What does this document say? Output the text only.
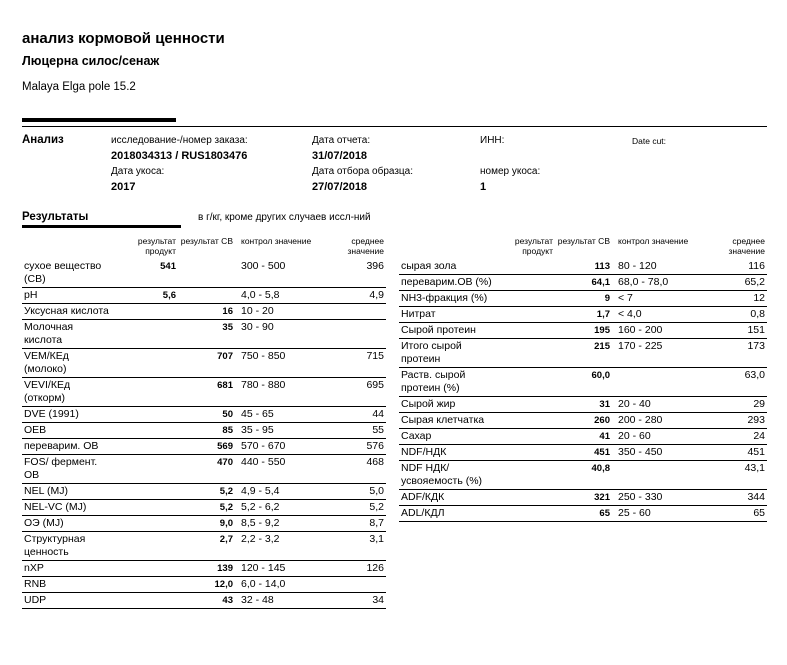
анализ кормовой ценности
Люцерна силос/сенаж
Malaya Elga pole 15.2
Анализ	исследование-/номер заказа:
2018034313 / RUS1803476
Дата укоса:
2017
Дата отчета:
31/07/2018
Дата отбора образца:
27/07/2018
ИНН:
номер укоса:
1
Date cut:
Результаты	в г/кг, кроме других случаев иссл-ний
	результат продукт	результат СВ	контрол значение	среднее значение
сухое вещество (СВ)	541		300 - 500	396
pH	5,6		4,0 - 5,8	4,9
Уксусная кислота		16	10 - 20	
Молочная кислота		35	30 - 90	
VEM/КЕд (молоко)		707	750 - 850	715
VEVI/КЕд (откорм)		681	780 - 880	695
DVE (1991)		50	45 - 65	44
OEB		85	35 - 95	55
переварим. ОВ		569	570 - 670	576
FOS/ фермент. ОВ		470	440 - 550	468
NEL (MJ)		5,2	4,9 - 5,4	5,0
NEL-VC (MJ)		5,2	5,2 - 6,2	5,2
ОЭ (MJ)		9,0	8,5 - 9,2	8,7
Структурная ценность		2,7	2,2 - 3,2	3,1
nXP		139	120 - 145	126
RNB		12,0	6,0 - 14,0	
UDP		43	32 - 48	34
	результат продукт	результат СВ	контрол значение	среднее значение
сырая зола		113	80 - 120	116
переварим.ОВ (%)		64,1	68,0 - 78,0	65,2
NH3-фракция (%)		9	< 7	12
Нитрат		1,7	< 4,0	0,8
Сырой протеин		195	160 - 200	151
Итого сырой протеин		215	170 - 225	173
Раств. сырой протеин (%)		60,0		63,0
Сырой жир		31	20 - 40	29
Сырая клетчатка		260	200 - 280	293
Сахар		41	20 - 60	24
NDF/НДК		451	350 - 450	451
NDF НДК/усвояемость (%)		40,8		43,1
ADF/КДК		321	250 - 330	344
ADL/КДЛ		65	25 - 60	65
